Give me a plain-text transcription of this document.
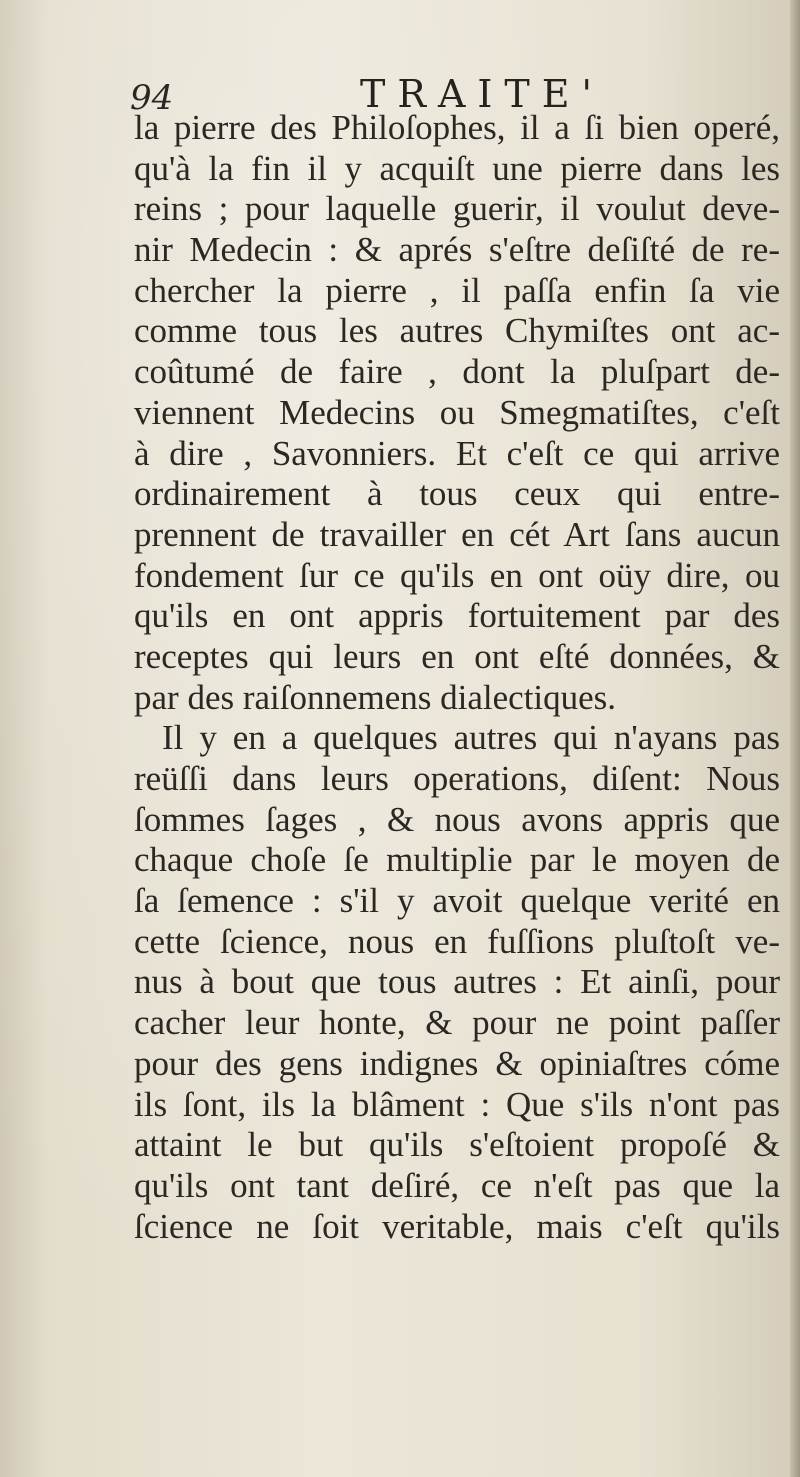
94	TRAITE'
la pierre des Philoſophes, il a ſi bien operé,
qu'à la fin il y acquiſt une pierre dans les
reins ; pour laquelle guerir, il voulut deve-
nir Medecin : & aprés s'eſtre deſiſté de re-
chercher la pierre , il paſſa enfin ſa vie
comme tous les autres Chymiſtes ont ac-
coûtumé de faire , dont la pluſpart de-
viennent Medecins ou Smegmatiſtes, c'eſt
à dire , Savonniers. Et c'eſt ce qui arrive
ordinairement à tous ceux qui entre-
prennent de travailler en cét Art ſans aucun
fondement ſur ce qu'ils en ont oüy dire, ou
qu'ils en ont appris fortuitement par des
receptes qui leurs en ont eſté données, &
par des raiſonnemens dialectiques.
Il y en a quelques autres qui n'ayans pas
reüſſi dans leurs operations, diſent: Nous
ſommes ſages , & nous avons appris que
chaque choſe ſe multiplie par le moyen de
ſa ſemence : s'il y avoit quelque verité en
cette ſcience, nous en fuſſions pluſtoſt ve-
nus à bout que tous autres : Et ainſi, pour
cacher leur honte, & pour ne point paſſer
pour des gens indignes & opiniaſtres cóme
ils ſont, ils la blâment : Que s'ils n'ont pas
attaint le but qu'ils s'eſtoient propoſé &
qu'ils ont tant deſiré, ce n'eſt pas que la
ſcience ne ſoit veritable, mais c'eſt qu'ils
